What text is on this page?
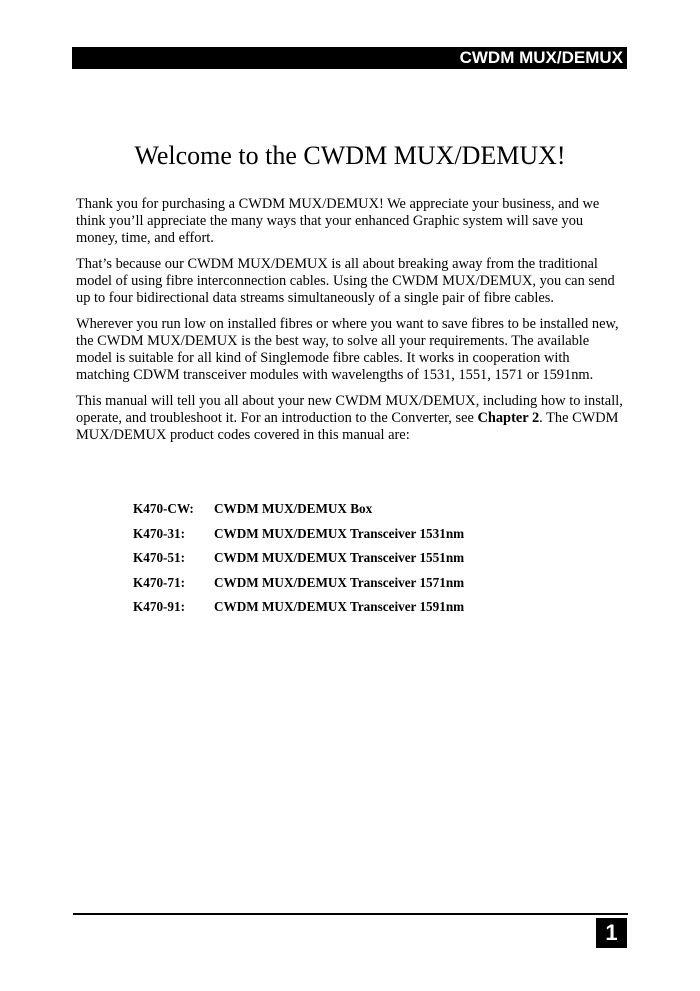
CWDM MUX/DEMUX
Welcome to the CWDM MUX/DEMUX!

Thank you for purchasing a CWDM MUX/DEMUX! We appreciate your business, and we think you’ll appreciate the many ways that your enhanced Graphic system will save you money, time, and effort.

That’s because our CWDM MUX/DEMUX is all about breaking away from the traditional model of using fibre interconnection cables. Using the CWDM MUX/DEMUX, you can send up to four bidirectional data streams simultaneously of a single pair of fibre cables.

Wherever you run low on installed fibres or where you want to save fibres to be installed new, the CWDM MUX/DEMUX is the best way, to solve all your requirements. The available model is suitable for all kind of Singlemode fibre cables. It works in cooperation with matching CDWM transceiver modules with wavelengths of 1531, 1551, 1571 or 1591nm.

This manual will tell you all about your new CWDM MUX/DEMUX, including how to install, operate, and troubleshoot it. For an introduction to the Converter, see Chapter 2. The CWDM MUX/DEMUX product codes covered in this manual are:

K470-CW:	CWDM MUX/DEMUX Box
K470-31:	CWDM MUX/DEMUX Transceiver 1531nm
K470-51:	CWDM MUX/DEMUX Transceiver 1551nm
K470-71:	CWDM MUX/DEMUX Transceiver 1571nm
K470-91:	CWDM MUX/DEMUX Transceiver 1591nm
1
